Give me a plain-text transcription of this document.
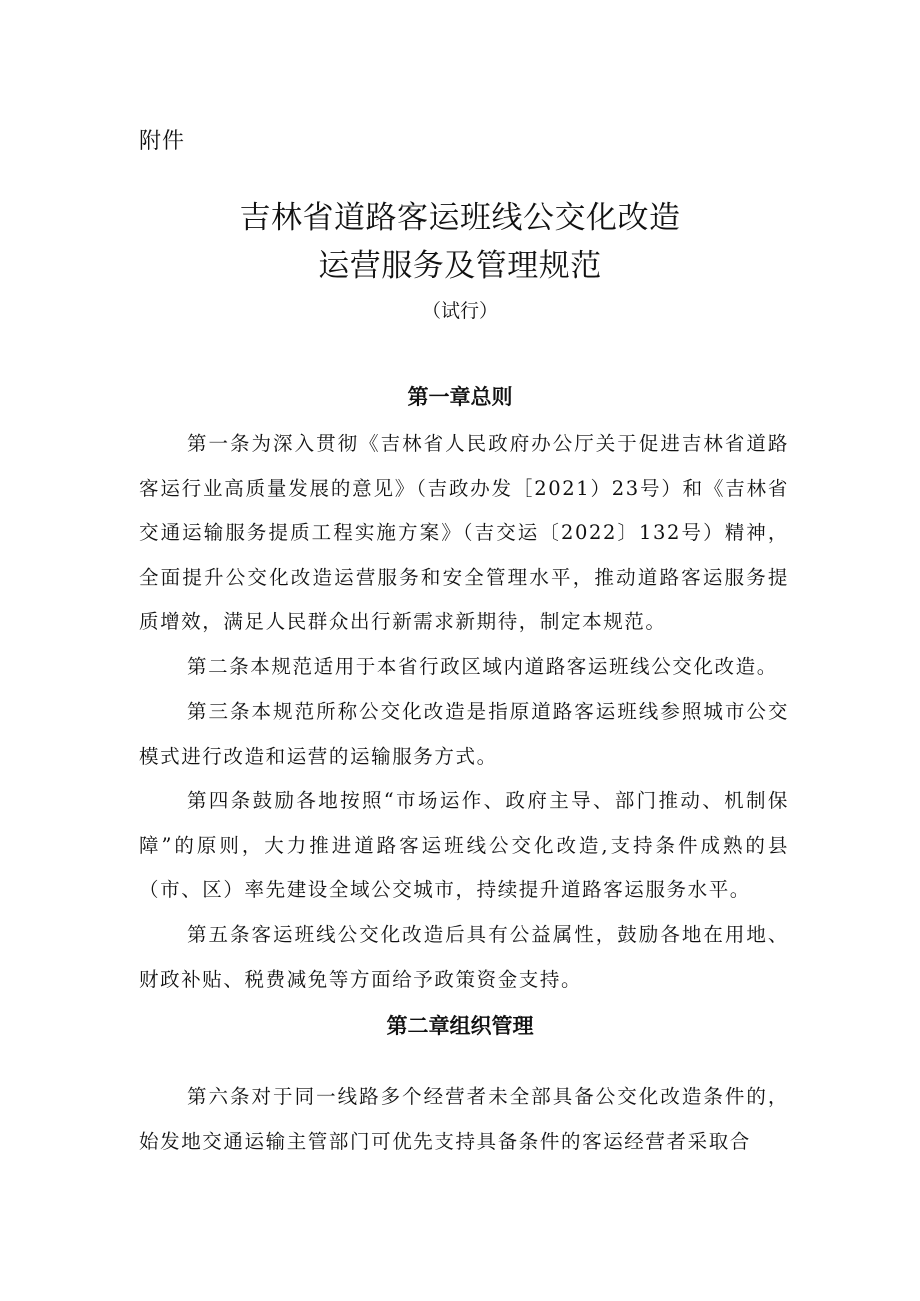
附件
吉林省道路客运班线公交化改造
运营服务及管理规范
（试行）
第一章总则

第一条为深入贯彻《吉林省人民政府办公厅关于促进吉林省道路客运行业高质量发展的意见》（吉政办发［2021）23号）和《吉林省交通运输服务提质工程实施方案》（吉交运〔2022〕132号）精神，全面提升公交化改造运营服务和安全管理水平，推动道路客运服务提质增效，满足人民群众出行新需求新期待，制定本规范。

第二条本规范适用于本省行政区域内道路客运班线公交化改造。

第三条本规范所称公交化改造是指原道路客运班线参照城市公交模式进行改造和运营的运输服务方式。

第四条鼓励各地按照“市场运作、政府主导、部门推动、机制保障”的原则，大力推进道路客运班线公交化改造,支持条件成熟的县（市、区）率先建设全域公交城市，持续提升道路客运服务水平。

第五条客运班线公交化改造后具有公益属性，鼓励各地在用地、财政补贴、税费减免等方面给予政策资金支持。

第二章组织管理

第六条对于同一线路多个经营者未全部具备公交化改造条件的，始发地交通运输主管部门可优先支持具备条件的客运经营者采取合
